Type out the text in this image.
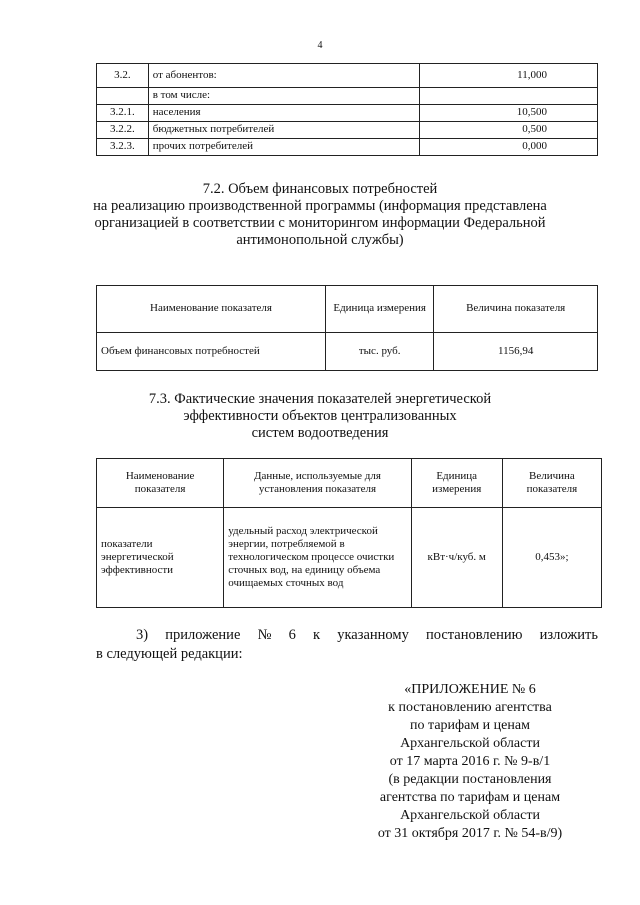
4
3.2.	от абонентов:	11,000
	в том числе:	
3.2.1.	населения	10,500
3.2.2.	бюджетных потребителей	0,500
3.2.3.	прочих потребителей	0,000
7.2. Объем финансовых потребностей
на реализацию производственной программы (информация представлена
организацией в соответствии с мониторингом информации Федеральной
антимонопольной службы)
Наименование показателя	Единица измерения	Величина показателя
Объем финансовых потребностей	тыс. руб.	1156,94
7.3. Фактические значения показателей энергетической
эффективности объектов централизованных
систем водоотведения
Наименование показателя	Данные, используемые для установления показателя	Единица измерения	Величина показателя
показатели энергетической эффективности	удельный расход электрической энергии, потребляемой в технологическом процессе очистки сточных вод, на единицу объема очищаемых сточных вод	кВт·ч/куб. м	0,453»;
3) приложение № 6 к указанному постановлению изложить
в следующей редакции:
«ПРИЛОЖЕНИЕ № 6
к постановлению агентства
по тарифам и ценам
Архангельской области
от 17 марта 2016 г. № 9-в/1
(в редакции постановления
агентства по тарифам и ценам
Архангельской области
от 31 октября 2017 г. № 54-в/9)
